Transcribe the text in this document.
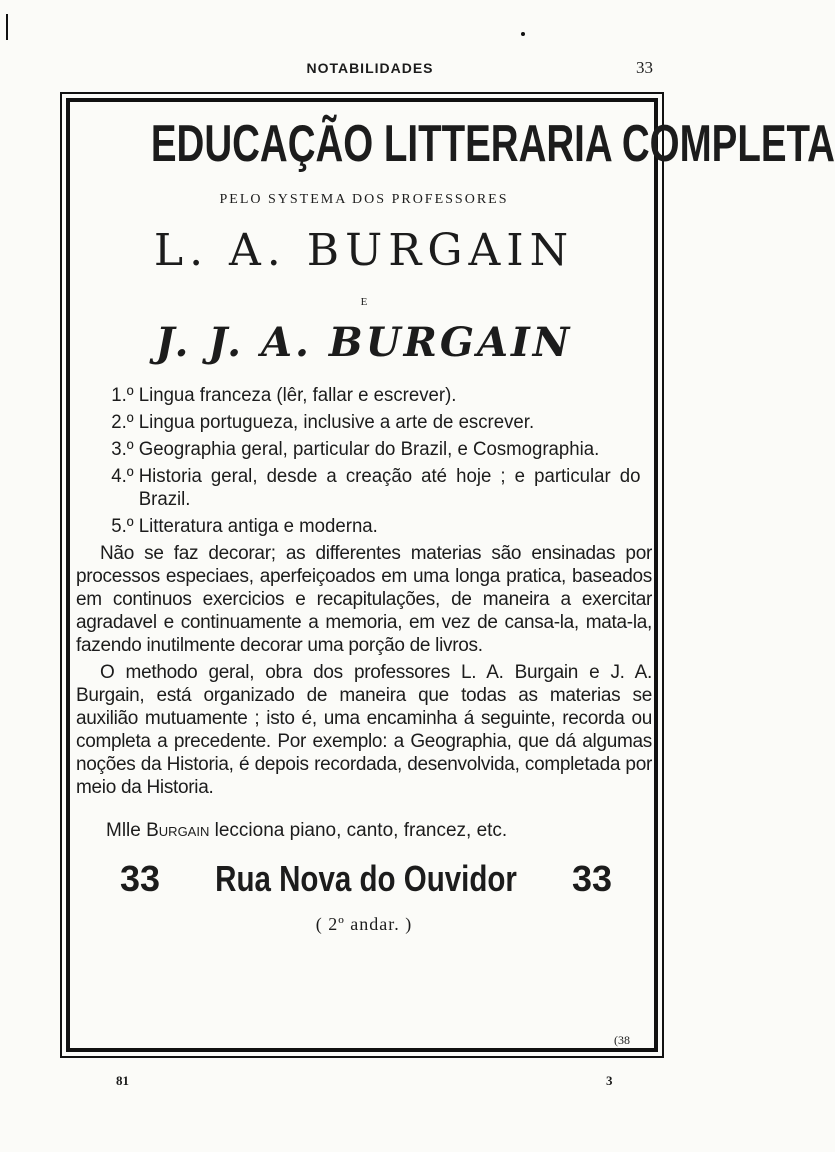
NOTABILIDADES	33
EDUCAÇÃO LITTERARIA COMPLETA
PELO SYSTEMA DOS PROFESSORES
L. A. BURGAIN
E
J. J. A. BURGAIN
1.º Lingua franceza (lêr, fallar e escrever).
2.º Lingua portugueza, inclusive a arte de escrever.
3.º Geographia geral, particular do Brazil, e Cosmographia.
4.º Historia geral, desde a creação até hoje ; e particular do Brazil.
5.º Litteratura antiga e moderna.

Não se faz decorar; as differentes materias são ensinadas por processos especiaes, aperfeiçoados em uma longa pratica, baseados em continuos exercicios e recapitulações, de maneira a exercitar agradavel e continuamente a memoria, em vez de cansa-la, mata-la, fazendo inutilmente decorar uma porção de livros.

O methodo geral, obra dos professores L. A. Burgain e J. A. Burgain, está organizado de maneira que todas as materias se auxilião mutuamente ; isto é, uma encaminha á seguinte, recorda ou completa a precedente. Por exemplo: a Geographia, que dá algumas noções da Historia, é depois recordada, desenvolvida, completada por meio da Historia.

Mlle Burgain lecciona piano, canto, francez, etc.
33 Rua Nova do Ouvidor 33
( 2º andar. )
(38
81	3
